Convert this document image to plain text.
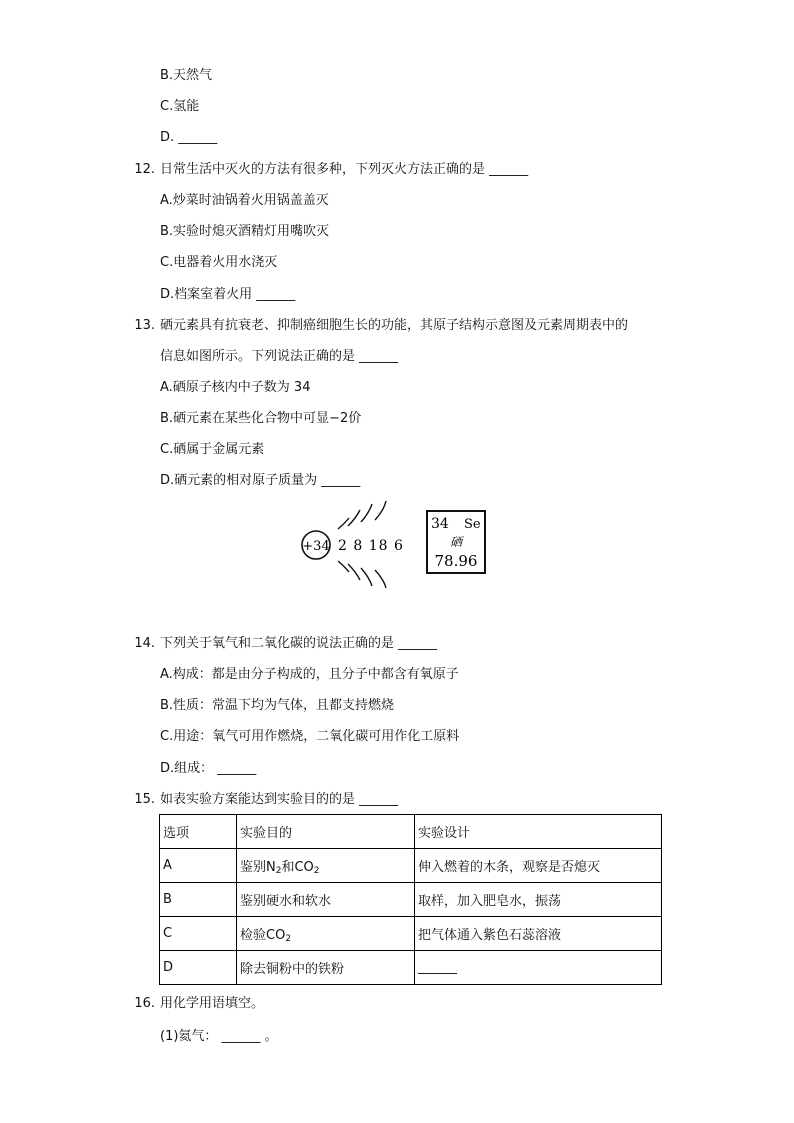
B.天然气
C.氢能
D. ______
12. 日常生活中灭火的方法有很多种，下列灭火方法正确的是 ______
A.炒菜时油锅着火用锅盖盖灭
B.实验时熄灭酒精灯用嘴吹灭
C.电器着火用水浇灭
D.档案室着火用 ______
13. 硒元素具有抗衰老、抑制癌细胞生长的功能，其原子结构示意图及元素周期表中的
信息如图所示。下列说法正确的是 ______
A.硒原子核内中子数为 34
B.硒元素在某些化合物中可显−2价
C.硒属于金属元素
D.硒元素的相对原子质量为 ______
+34 2 8 18 6
34 Se
硒
78.96
14. 下列关于氧气和二氧化碳的说法正确的是 ______
A.构成：都是由分子构成的，且分子中都含有氧原子
B.性质：常温下均为气体，且都支持燃烧
C.用途：氧气可用作燃烧，二氧化碳可用作化工原料
D.组成： ______
15. 如表实验方案能达到实验目的的是 ______
选项	实验目的	实验设计
A	鉴别$N_2$和$CO_2$	伸入燃着的木条，观察是否熄灭
B	鉴别硬水和软水	取样，加入肥皂水，振荡
C	检验$CO_2$	把气体通入紫色石蕊溶液
D	除去铜粉中的铁粉	______
16. 用化学用语填空。
(1)氦气： ______ 。
